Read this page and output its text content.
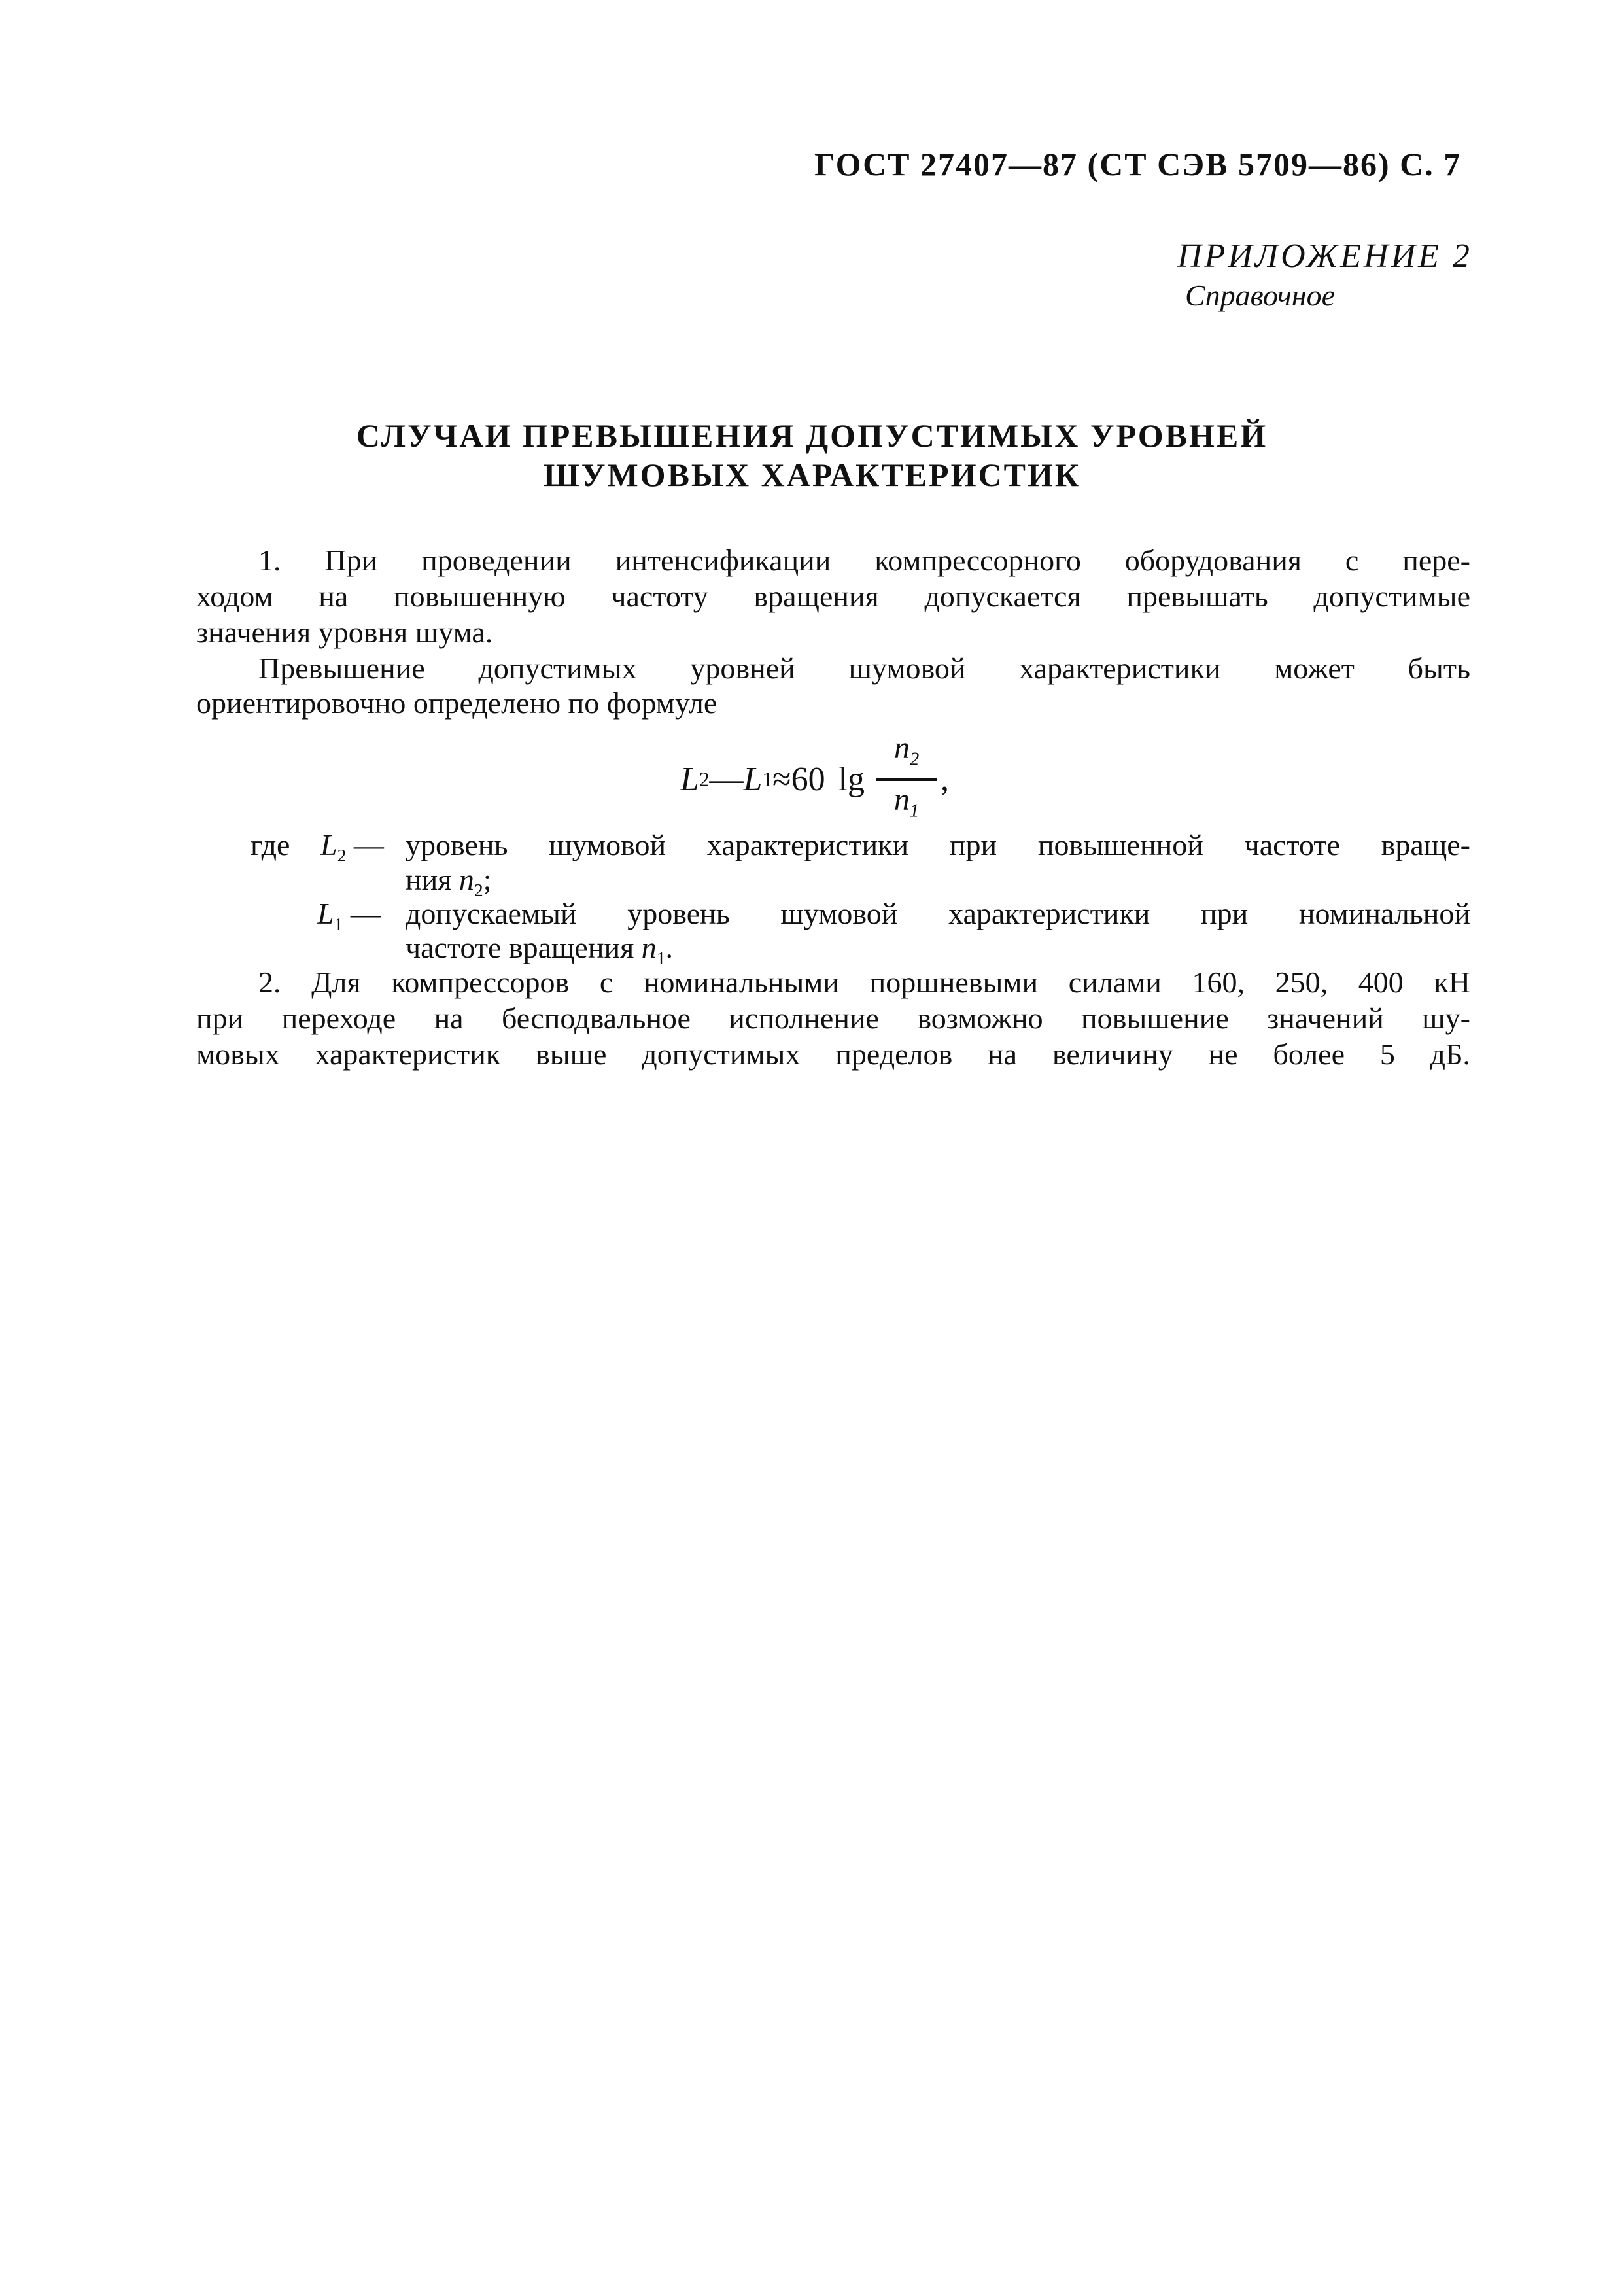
ГОСТ 27407—87 (СТ СЭВ 5709—86) С. 7
ПРИЛОЖЕНИЕ 2
Справочное
СЛУЧАИ ПРЕВЫШЕНИЯ ДОПУСТИМЫХ УРОВНЕЙ
ШУМОВЫХ ХАРАКТЕРИСТИК
1. При проведении интенсификации компрессорного оборудования с пере-
ходом на повышенную частоту вращения допускается превышать допустимые
значения уровня шума.
Превышение допустимых уровней шумовой характеристики может быть
ориентировочно определено по формуле
L 2 — L 1 ≈ 60 $\lg \frac{n_2}{n_1}$ ,
где $L_2$ — уровень шумовой характеристики при повышенной частоте враще-
ния $n_2$;
$L_1$ — допускаемый уровень шумовой характеристики при номинальной
частоте вращения $n_1$.
2. Для компрессоров с номинальными поршневыми силами 160, 250, 400 кН
при переходе на бесподвальное исполнение возможно повышение значений шу-
мовых характеристик выше допустимых пределов на величину не более 5 дБ.
